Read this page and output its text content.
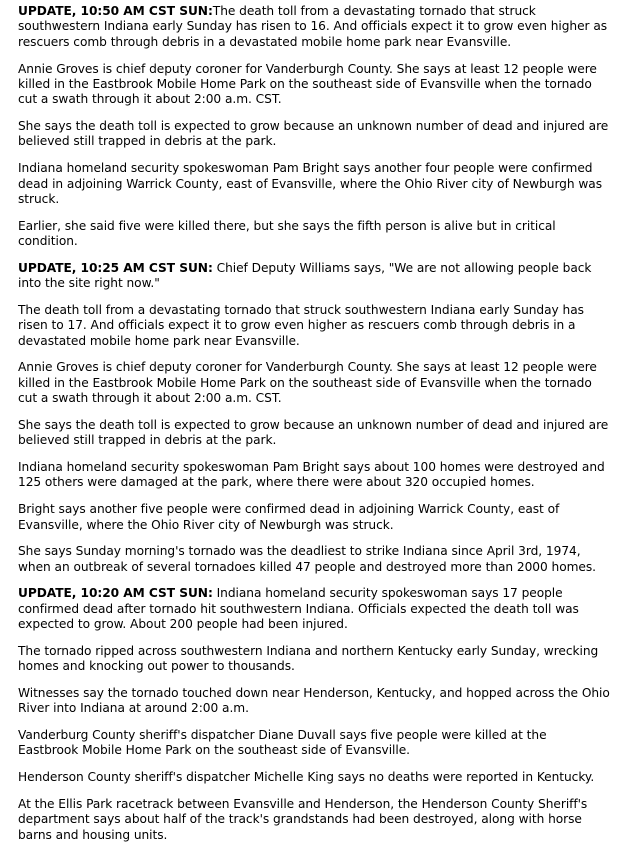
UPDATE, 10:50 AM CST SUN:The death toll from a devastating tornado that struck southwestern Indiana early Sunday has risen to 16. And officials expect it to grow even higher as rescuers comb through debris in a devastated mobile home park near Evansville.

Annie Groves is chief deputy coroner for Vanderburgh County. She says at least 12 people were killed in the Eastbrook Mobile Home Park on the southeast side of Evansville when the tornado cut a swath through it about 2:00 a.m. CST.

She says the death toll is expected to grow because an unknown number of dead and injured are believed still trapped in debris at the park.

Indiana homeland security spokeswoman Pam Bright says another four people were confirmed dead in adjoining Warrick County, east of Evansville, where the Ohio River city of Newburgh was struck.

Earlier, she said five were killed there, but she says the fifth person is alive but in critical condition.

UPDATE, 10:25 AM CST SUN: Chief Deputy Williams says, "We are not allowing people back into the site right now."

The death toll from a devastating tornado that struck southwestern Indiana early Sunday has risen to 17. And officials expect it to grow even higher as rescuers comb through debris in a devastated mobile home park near Evansville.

Annie Groves is chief deputy coroner for Vanderburgh County. She says at least 12 people were killed in the Eastbrook Mobile Home Park on the southeast side of Evansville when the tornado cut a swath through it about 2:00 a.m. CST.

She says the death toll is expected to grow because an unknown number of dead and injured are believed still trapped in debris at the park.

Indiana homeland security spokeswoman Pam Bright says about 100 homes were destroyed and 125 others were damaged at the park, where there were about 320 occupied homes.

Bright says another five people were confirmed dead in adjoining Warrick County, east of Evansville, where the Ohio River city of Newburgh was struck.

She says Sunday morning's tornado was the deadliest to strike Indiana since April 3rd, 1974, when an outbreak of several tornadoes killed 47 people and destroyed more than 2000 homes.

UPDATE, 10:20 AM CST SUN: Indiana homeland security spokeswoman says 17 people confirmed dead after tornado hit southwestern Indiana. Officials expected the death toll was expected to grow. About 200 people had been injured.

The tornado ripped across southwestern Indiana and northern Kentucky early Sunday, wrecking homes and knocking out power to thousands.

Witnesses say the tornado touched down near Henderson, Kentucky, and hopped across the Ohio River into Indiana at around 2:00 a.m.

Vanderburg County sheriff's dispatcher Diane Duvall says five people were killed at the Eastbrook Mobile Home Park on the southeast side of Evansville.

Henderson County sheriff's dispatcher Michelle King says no deaths were reported in Kentucky.

At the Ellis Park racetrack between Evansville and Henderson, the Henderson County Sheriff's department says about half of the track's grandstands had been destroyed, along with horse barns and housing units.
